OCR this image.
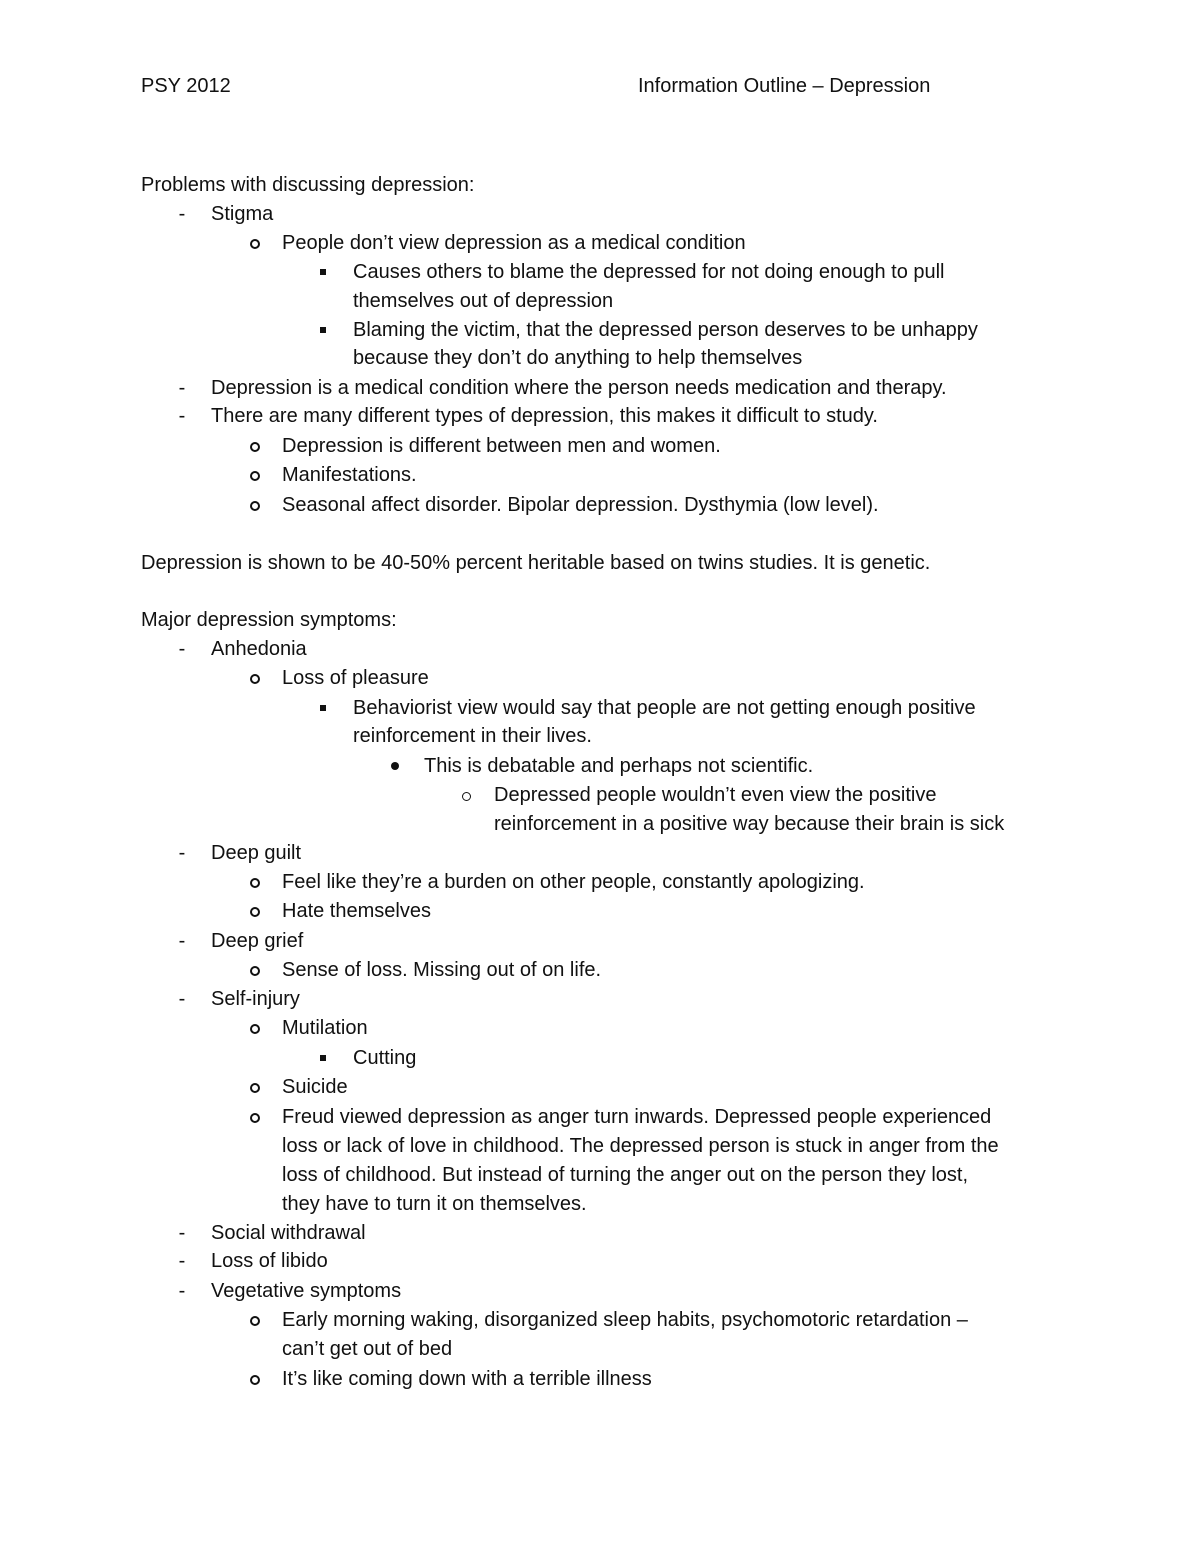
PSY 2012	Information Outline – Depression
Problems with discussing depression:
-
Stigma
People don’t view depression as a medical condition
Causes others to blame the depressed for not doing enough to pull
themselves out of depression
Blaming the victim, that the depressed person deserves to be unhappy
because they don’t do anything to help themselves
-
Depression is a medical condition where the person needs medication and therapy.
-
There are many different types of depression, this makes it difficult to study.
Depression is different between men and women.
Manifestations.
Seasonal affect disorder. Bipolar depression. Dysthymia (low level).
Depression is shown to be 40-50% percent heritable based on twins studies. It is genetic.
Major depression symptoms:
-
Anhedonia
Loss of pleasure
Behaviorist view would say that people are not getting enough positive
reinforcement in their lives.
This is debatable and perhaps not scientific.
Depressed people wouldn’t even view the positive
reinforcement in a positive way because their brain is sick
-
Deep guilt
Feel like they’re a burden on other people, constantly apologizing.
Hate themselves
-
Deep grief
Sense of loss. Missing out of on life.
-
Self-injury
Mutilation
Cutting
Suicide
Freud viewed depression as anger turn inwards. Depressed people experienced
loss or lack of love in childhood. The depressed person is stuck in anger from the
loss of childhood. But instead of turning the anger out on the person they lost,
they have to turn it on themselves.
-
Social withdrawal
-
Loss of libido
-
Vegetative symptoms
Early morning waking, disorganized sleep habits, psychomotoric retardation –
can’t get out of bed
It’s like coming down with a terrible illness
